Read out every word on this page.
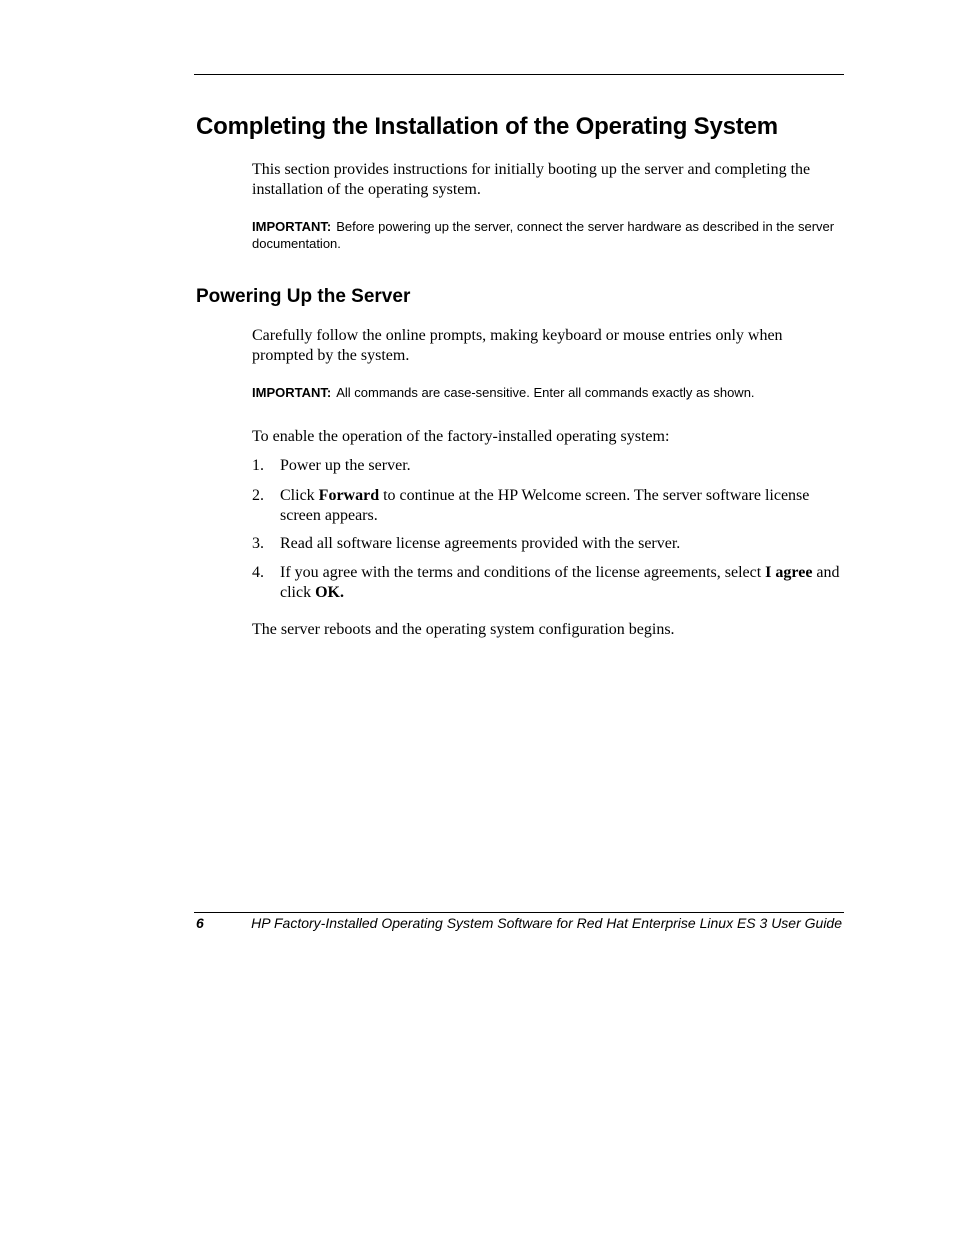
Completing the Installation of the Operating System

This section provides instructions for initially booting up the server and completing the installation of the operating system.

IMPORTANT: Before powering up the server, connect the server hardware as described in the server documentation.

Powering Up the Server

Carefully follow the online prompts, making keyboard or mouse entries only when prompted by the system.

IMPORTANT: All commands are case-sensitive. Enter all commands exactly as shown.

To enable the operation of the factory-installed operating system:

1. Power up the server.
2. Click Forward to continue at the HP Welcome screen. The server software license screen appears.
3. Read all software license agreements provided with the server.
4. If you agree with the terms and conditions of the license agreements, select I agree and click OK.

The server reboots and the operating system configuration begins.

6	HP Factory-Installed Operating System Software for Red Hat Enterprise Linux ES 3 User Guide
